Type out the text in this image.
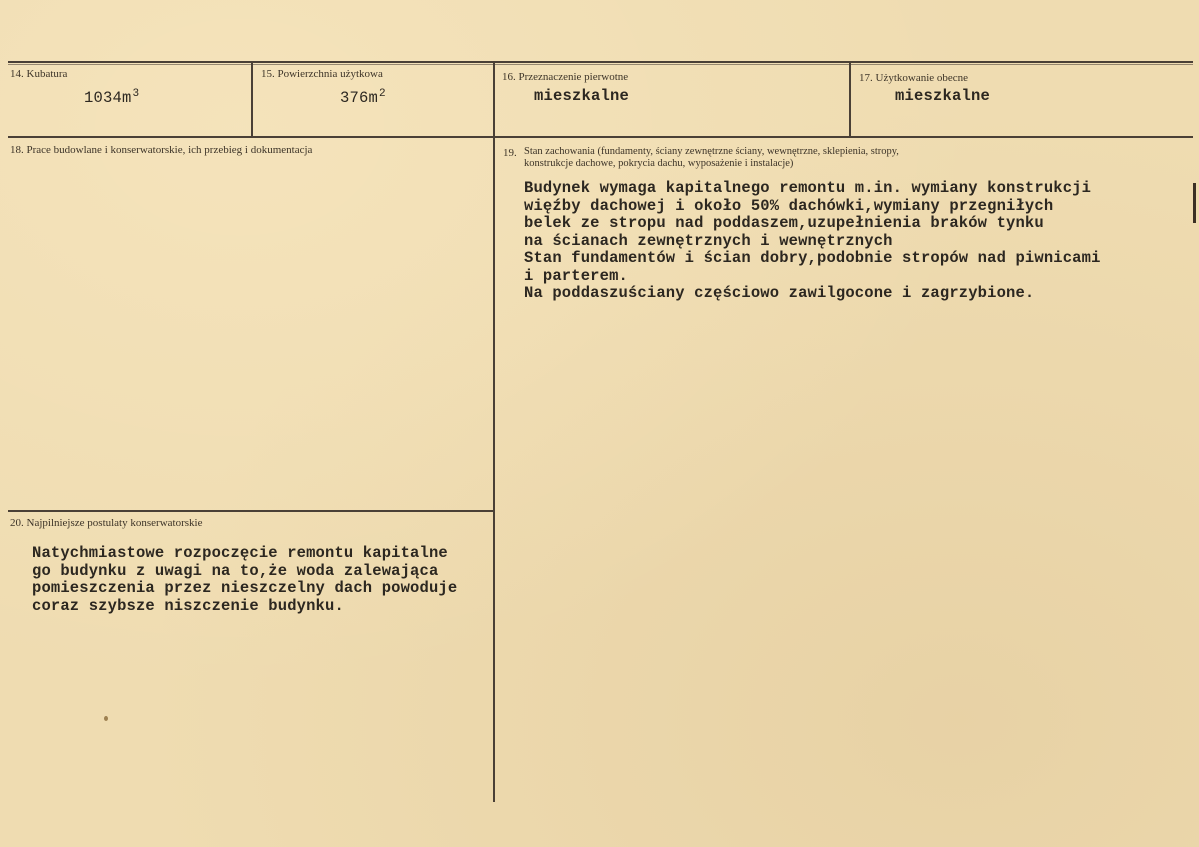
14. Kubatura
$1034m^3$
15. Powierzchnia użytkowa
$376m^2$
16. Przeznaczenie pierwotne
mieszkalne
17. Użytkowanie obecne
mieszkalne
18. Prace budowlane i konserwatorskie, ich przebieg i dokumentacja	19. Stan zachowania (fundamenty, ściany zewnętrzne ściany, wewnętrzne, sklepienia, stropy,
konstrukcje dachowe, pokrycia dachu, wyposażenie i instalacje)
Budynek wymaga kapitalnego remontu m.in. wymiany konstrukcji
więźby dachowej i około 50% dachówki,wymiany przegniłych
belek ze stropu nad poddaszem,uzupełnienia braków tynku
na ścianach zewnętrznych i wewnętrznych
Stan fundamentów i ścian dobry,podobnie stropów nad piwnicami
i parterem.
Na poddaszuściany częściowo zawilgocone i zagrzybione.
20. Najpilniejsze postulaty konserwatorskie
Natychmiastowe rozpoczęcie remontu kapitalne
go budynku z uwagi na to,że woda zalewająca
pomieszczenia przez nieszczelny dach powoduje
coraz szybsze niszczenie budynku.
